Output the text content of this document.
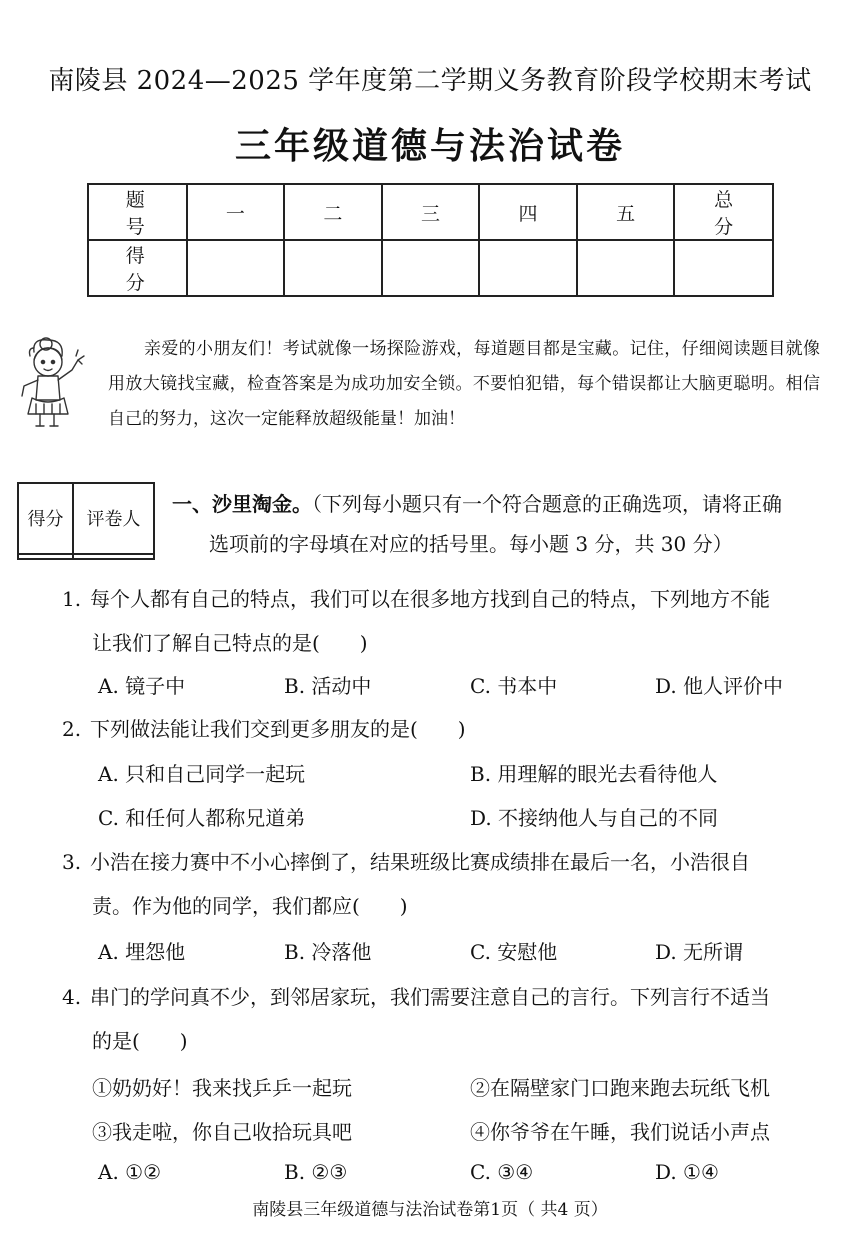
南陵县 2024—2025 学年度第二学期义务教育阶段学校期末考试
三年级道德与法治试卷
题 号	一	二	三	四	五	总 分
得 分						

亲爱的小朋友们！考试就像一场探险游戏，每道题目都是宝藏。记住，仔细阅读题目就像用放大镜找宝藏，检查答案是为成功加安全锁。不要怕犯错，每个错误都让大脑更聪明。相信自己的努力，这次一定能释放超级能量！加油！

得分	评卷人

一、沙里淘金。（下列每小题只有一个符合题意的正确选项，请将正确
选项前的字母填在对应的括号里。每小题 3 分，共 30 分）
1. 每个人都有自己的特点，我们可以在很多地方找到自己的特点，下列地方不能
让我们了解自己特点的是(　　)
A. 镜子中	B. 活动中	C. 书本中	D. 他人评价中
2. 下列做法能让我们交到更多朋友的是(　　)
A. 只和自己同学一起玩	B. 用理解的眼光去看待他人
C. 和任何人都称兄道弟	D. 不接纳他人与自己的不同
3. 小浩在接力赛中不小心摔倒了，结果班级比赛成绩排在最后一名，小浩很自
责。作为他的同学，我们都应(　　)
A. 埋怨他	B. 冷落他	C. 安慰他	D. 无所谓
4. 串门的学问真不少，到邻居家玩，我们需要注意自己的言行。下列言行不适当
的是(　　)
①奶奶好！我来找乒乒一起玩	②在隔壁家门口跑来跑去玩纸飞机
③我走啦，你自己收拾玩具吧	④你爷爷在午睡，我们说话小声点
A. ①②	B. ②③	C. ③④	D. ①④
南陵县三年级道德与法治试卷第1页（ 共4 页）
